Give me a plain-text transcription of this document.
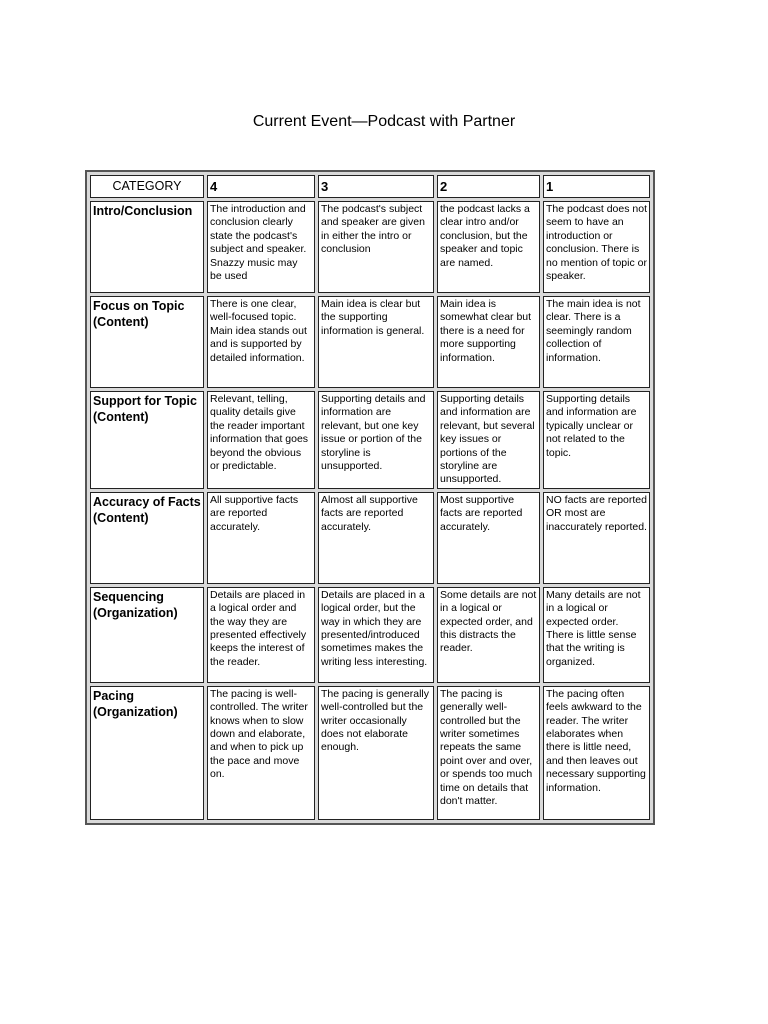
Current Event—Podcast with Partner
CATEGORY	4	3	2	1
Intro/Conclusion	The introduction and conclusion clearly state the podcast's subject and speaker. Snazzy music may be used	The podcast's subject and speaker are given in either the intro or conclusion	the podcast lacks a clear intro and/or conclusion, but the speaker and topic are named.	The podcast does not seem to have an introduction or conclusion. There is no mention of topic or speaker.
Focus on Topic (Content)	There is one clear, well-focused topic. Main idea stands out and is supported by detailed information.	Main idea is clear but the supporting information is general.	Main idea is somewhat clear but there is a need for more supporting information.	The main idea is not clear. There is a seemingly random collection of information.
Support for Topic (Content)	Relevant, telling, quality details give the reader important information that goes beyond the obvious or predictable.	Supporting details and information are relevant, but one key issue or portion of the storyline is unsupported.	Supporting details and information are relevant, but several key issues or portions of the storyline are unsupported.	Supporting details and information are typically unclear or not related to the topic.
Accuracy of Facts (Content)	All supportive facts are reported accurately.	Almost all supportive facts are reported accurately.	Most supportive facts are reported accurately.	NO facts are reported OR most are inaccurately reported.
Sequencing (Organization)	Details are placed in a logical order and the way they are presented effectively keeps the interest of the reader.	Details are placed in a logical order, but the way in which they are presented/introduced sometimes makes the writing less interesting.	Some details are not in a logical or expected order, and this distracts the reader.	Many details are not in a logical or expected order. There is little sense that the writing is organized.
Pacing (Organization)	The pacing is well-controlled. The writer knows when to slow down and elaborate, and when to pick up the pace and move on.	The pacing is generally well-controlled but the writer occasionally does not elaborate enough.	The pacing is generally well-controlled but the writer sometimes repeats the same point over and over, or spends too much time on details that don't matter.	The pacing often feels awkward to the reader. The writer elaborates when there is little need, and then leaves out necessary supporting information.
